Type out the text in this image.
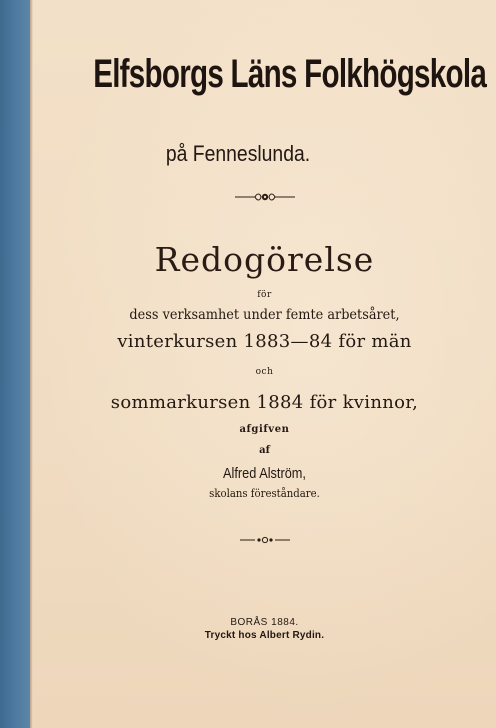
Elfsborgs Läns Folkhögskola
på Fenneslunda.
Redogörelse
för
dess verksamhet under femte arbetsåret,
vinterkursen 1883—84 för män
och
sommarkursen 1884 för kvinnor,
afgifven
af
Alfred Alström,
skolans föreståndare.
BORÅS 1884.
Tryckt hos Albert Rydin.
